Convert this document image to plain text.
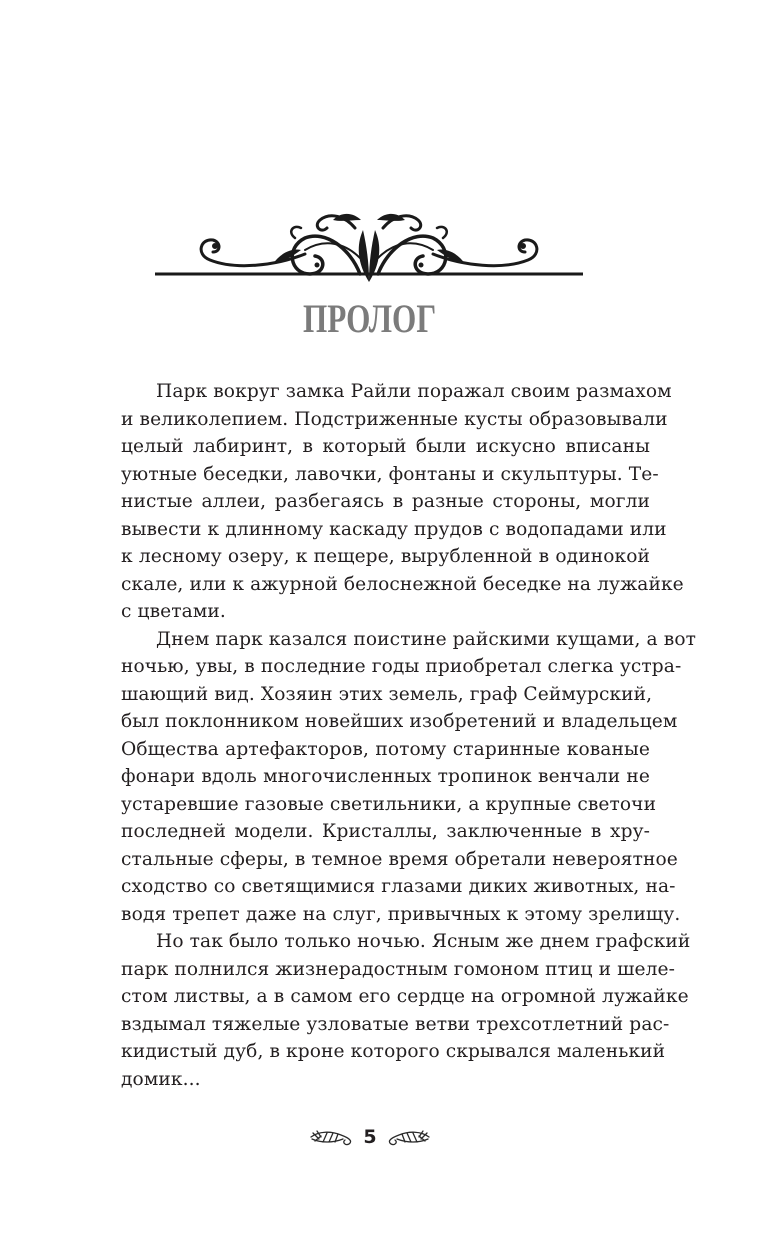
ПРОЛОГ
Парк вокруг замка Райли поражал своим размахом
и великолепием. Подстриженные кусты образовывали
целый лабиринт, в который были искусно вписаны
уютные беседки, лавочки, фонтаны и скульптуры. Те-
нистые аллеи, разбегаясь в разные стороны, могли
вывести к длинному каскаду прудов с водопадами или
к лесному озеру, к пещере, вырубленной в одинокой
скале, или к ажурной белоснежной беседке на лужайке
с цветами.
Днем парк казался поистине райскими кущами, а вот
ночью, увы, в последние годы приобретал слегка устра-
шающий вид. Хозяин этих земель, граф Сеймурский,
был поклонником новейших изобретений и владельцем
Общества артефакторов, потому старинные кованые
фонари вдоль многочисленных тропинок венчали не
устаревшие газовые светильники, а крупные светочи
последней модели. Кристаллы, заключенные в хру-
стальные сферы, в темное время обретали невероятное
сходство со светящимися глазами диких животных, на-
водя трепет даже на слуг, привычных к этому зрелищу.
Но так было только ночью. Ясным же днем графский
парк полнился жизнерадостным гомоном птиц и шеле-
стом листвы, а в самом его сердце на огромной лужайке
вздымал тяжелые узловатые ветви трехсотлетний рас-
кидистый дуб, в кроне которого скрывался маленький
домик...
5
